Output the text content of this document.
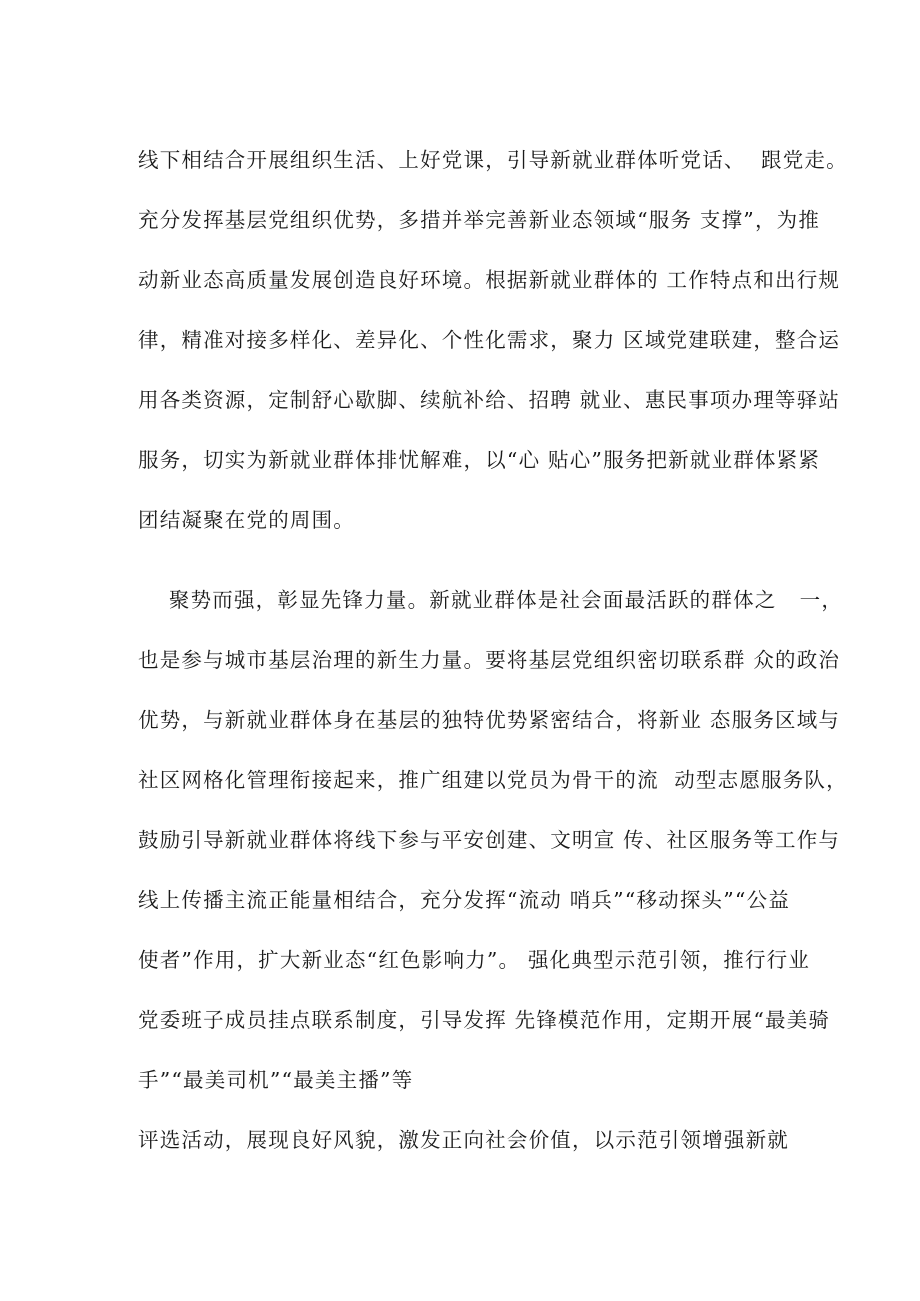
线下相结合开展组织生活、上好党课，引导新就业群体听党话、  跟党走。
充分发挥基层党组织优势，多措并举完善新业态领域“服务 支撑”，为推
动新业态高质量发展创造良好环境。根据新就业群体的 工作特点和出行规
律，精准对接多样化、差异化、个性化需求，聚力 区域党建联建，整合运
用各类资源，定制舒心歇脚、续航补给、招聘 就业、惠民事项办理等驿站
服务，切实为新就业群体排忧解难，以“心 贴心”服务把新就业群体紧紧
团结凝聚在党的周围。
聚势而强，彰显先锋力量。新就业群体是社会面最活跃的群体之   一，
也是参与城市基层治理的新生力量。要将基层党组织密切联系群 众的政治
优势，与新就业群体身在基层的独特优势紧密结合，将新业 态服务区域与
社区网格化管理衔接起来，推广组建以党员为骨干的流  动型志愿服务队，
鼓励引导新就业群体将线下参与平安创建、文明宣 传、社区服务等工作与
线上传播主流正能量相结合，充分发挥“流动 哨兵”“移动探头”“公益
使者”作用，扩大新业态“红色影响力”。 强化典型示范引领，推行行业
党委班子成员挂点联系制度，引导发挥 先锋模范作用，定期开展“最美骑
手”“最美司机”“最美主播”等
评选活动，展现良好风貌，激发正向社会价值，以示范引领增强新就
